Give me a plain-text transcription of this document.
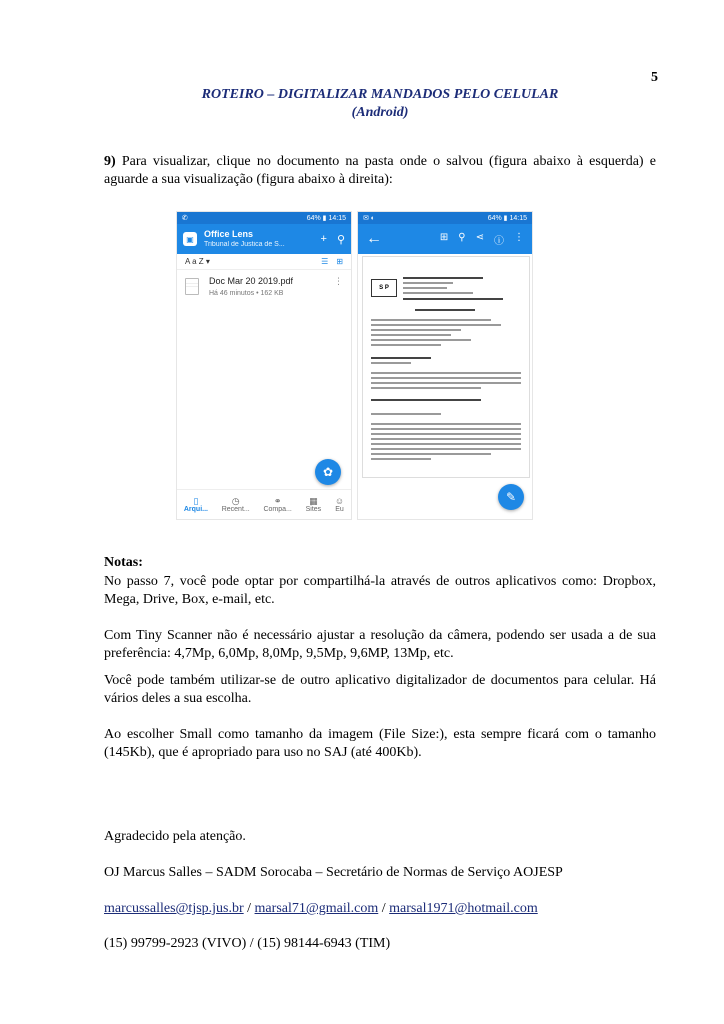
5
ROTEIRO – DIGITALIZAR MANDADOS PELO CELULAR
(Android)

9) Para visualizar, clique no documento na pasta onde o salvou (figura abaixo à esquerda) e aguarde a sua visualização (figura abaixo à direita):

✆	64% ▮ 14:15
▣	Office Lens
Tribunal de Justica de S...	+ ⚲
A a Z ▾	☰ ⊞
Doc Mar 20 2019.pdf
Há 46 minutos • 162 KB
⋮
✿
▯
Arqui...
◷
Recent...
⚭
Compa...
▦
Sites
☺
Eu
✉ ◐	64% ▮ 14:15
←	⊞ ⚲ ⋖ ⓘ ⋮
S P
✎
Notas:

No passo 7, você pode optar por compartilhá-la através de outros aplicativos como: Dropbox, Mega, Drive, Box, e-mail, etc.

Com Tiny Scanner não é necessário ajustar a resolução da câmera, podendo ser usada a de sua preferência: 4,7Mp, 6,0Mp, 8,0Mp, 9,5Mp, 9,6MP, 13Mp, etc.

Você pode também utilizar-se de outro aplicativo digitalizador de documentos para celular. Há vários deles a sua escolha.

Ao escolher Small como tamanho da imagem (File Size:), esta sempre ficará com o tamanho (145Kb), que é apropriado para uso no SAJ (até 400Kb).

Agradecido pela atenção.

OJ Marcus Salles – SADM Sorocaba – Secretário de Normas de Serviço AOJESP

marcussalles@tjsp.jus.br / marsal71@gmail.com / marsal1971@hotmail.com

(15) 99799-2923 (VIVO) / (15) 98144-6943 (TIM)
